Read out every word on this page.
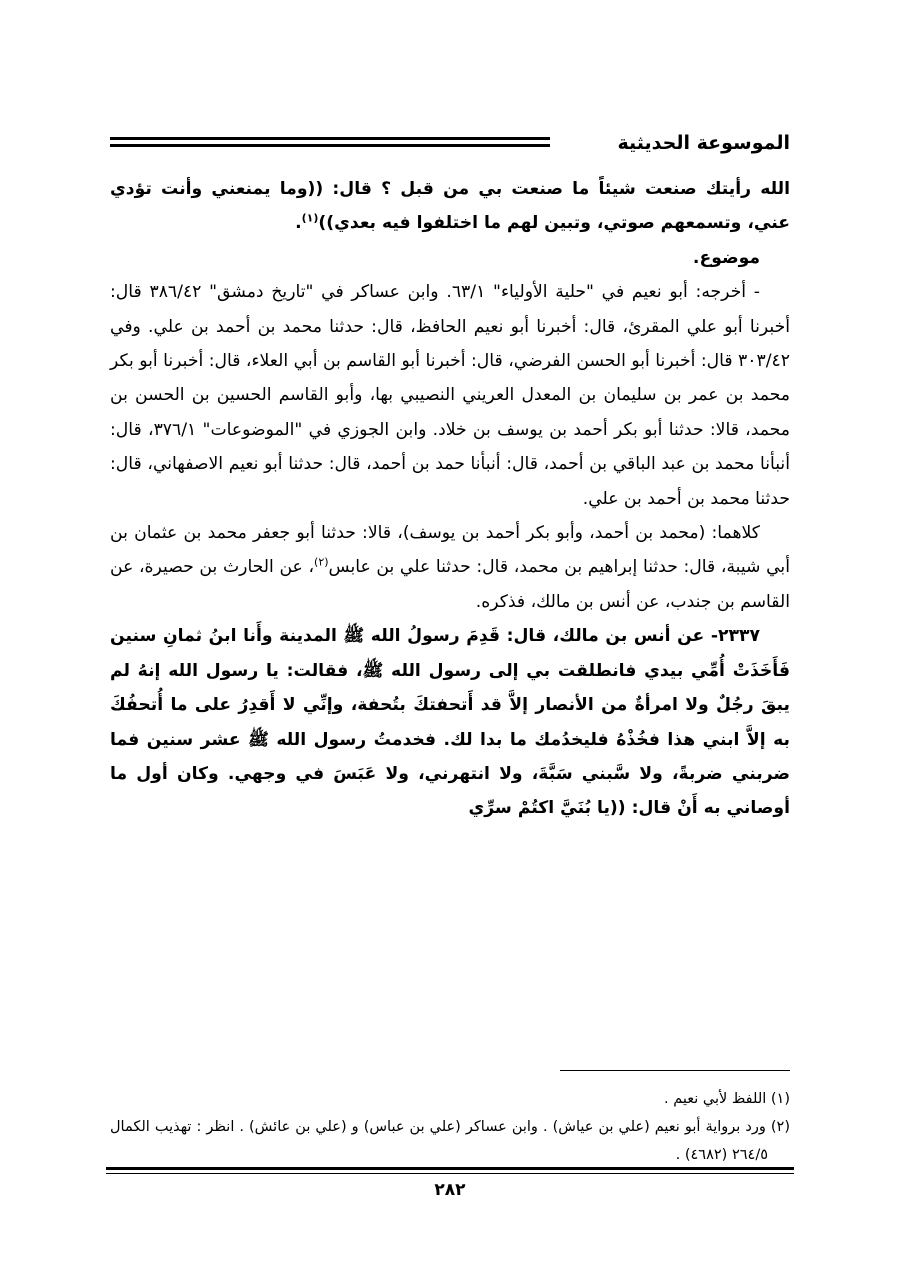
الموسوعة الحديثية

الله رأيتك صنعت شيئاً ما صنعت بي من قبل ؟ قال: ((وما يمنعني وأنت تؤدي عني، وتسمعهم صوتي، وتبين لهم ما اختلفوا فيه بعدي))$^{(١)}$.

موضوع.

- أخرجه: أبو نعيم في "حلية الأولياء" ٦٣/١. وابن عساكر في "تاريخ دمشق" ٣٨٦/٤٢ قال: أخبرنا أبو علي المقرئ، قال: أخبرنا أبو نعيم الحافظ، قال: حدثنا محمد بن أحمد بن علي. وفي ٣٠٣/٤٢ قال: أخبرنا أبو الحسن الفرضي، قال: أخبرنا أبو القاسم بن أبي العلاء، قال: أخبرنا أبو بكر محمد بن عمر بن سليمان بن المعدل العريني النصيبي بها، وأبو القاسم الحسين بن الحسن بن محمد، قالا: حدثنا أبو بكر أحمد بن يوسف بن خلاد. وابن الجوزي في "الموضوعات" ٣٧٦/١، قال: أنبأنا محمد بن عبد الباقي بن أحمد، قال: أنبأنا حمد بن أحمد، قال: حدثنا أبو نعيم الاصفهاني، قال: حدثنا محمد بن أحمد بن علي.

كلاهما: (محمد بن أحمد، وأبو بكر أحمد بن يوسف)، قالا: حدثنا أبو جعفر محمد بن عثمان بن أبي شيبة، قال: حدثنا إبراهيم بن محمد، قال: حدثنا علي بن عابس$^{(٢)}$، عن الحارث بن حصيرة، عن القاسم بن جندب، عن أنس بن مالك، فذكره.

٢٣٣٧- عن أنس بن مالك، قال: قَدِمَ رسولُ الله ﷺ المدينة وأَنا ابنُ ثمانِ سنين فَأَخَذَتْ أُمِّي بيدي فانطلقت بي إلى رسول الله ﷺ، فقالت: يا رسول الله إنهُ لم يبقَ رجُلٌ ولا امرأةٌ من الأنصار إلاَّ قد أَتحفتكَ بتُحفة، وإنِّي لا أَقدِرُ على ما أُتحفُكَ به إلاَّ ابني هذا فخُذْهُ فليخدُمك ما بدا لك. فخدمتُ رسول الله ﷺ عشر سنين فما ضربني ضربةً، ولا سَّبني سَبَّةَ، ولا انتهرني، ولا عَبَسَ في وجهي. وكان أول ما أوصاني به أَنْ قال: ((يا بُنَيَّ اكتُمْ سرِّي

(١) اللفظ لأبي نعيم .

(٢) ورد برواية أبو نعيم (علي بن عياش) . وابن عساكر (علي بن عباس) و (علي بن عائش) . انظر : تهذيب الكمال ٢٦٤/٥ (٤٦٨٢) .

٢٨٢
